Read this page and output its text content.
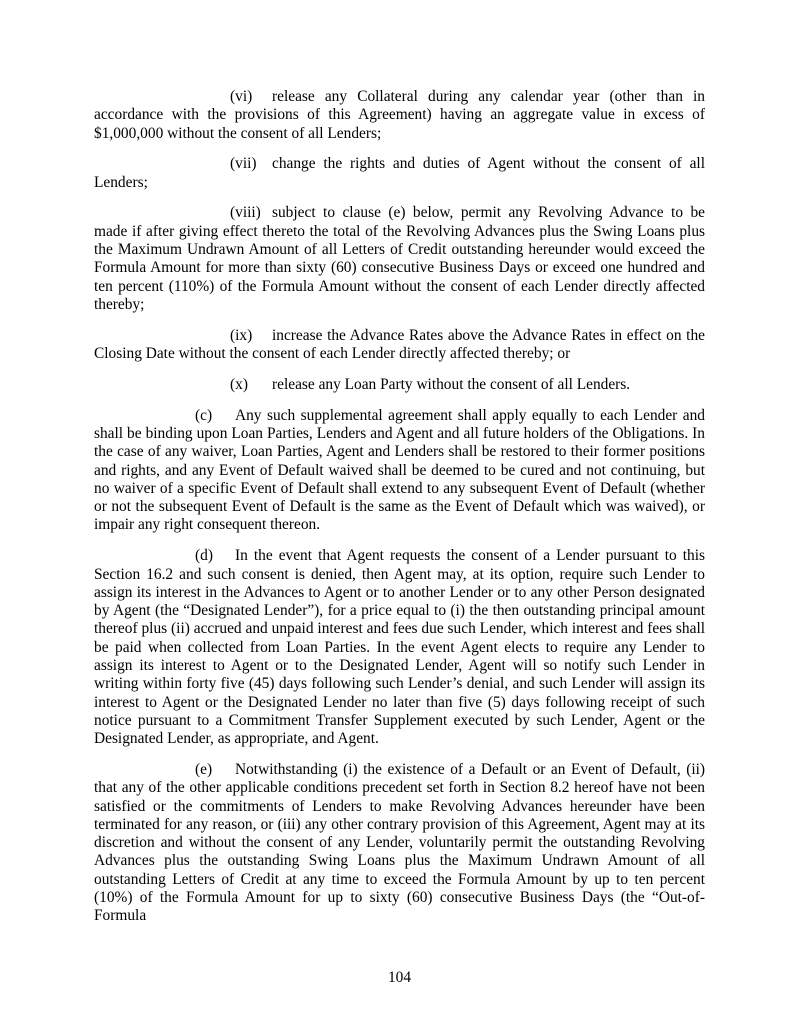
(vi) release any Collateral during any calendar year (other than in accordance with the provisions of this Agreement) having an aggregate value in excess of $1,000,000 without the consent of all Lenders;

(vii) change the rights and duties of Agent without the consent of all Lenders;

(viii) subject to clause (e) below, permit any Revolving Advance to be made if after giving effect thereto the total of the Revolving Advances plus the Swing Loans plus the Maximum Undrawn Amount of all Letters of Credit outstanding hereunder would exceed the Formula Amount for more than sixty (60) consecutive Business Days or exceed one hundred and ten percent (110%) of the Formula Amount without the consent of each Lender directly affected thereby;

(ix) increase the Advance Rates above the Advance Rates in effect on the Closing Date without the consent of each Lender directly affected thereby; or

(x) release any Loan Party without the consent of all Lenders.

(c) Any such supplemental agreement shall apply equally to each Lender and shall be binding upon Loan Parties, Lenders and Agent and all future holders of the Obligations. In the case of any waiver, Loan Parties, Agent and Lenders shall be restored to their former positions and rights, and any Event of Default waived shall be deemed to be cured and not continuing, but no waiver of a specific Event of Default shall extend to any subsequent Event of Default (whether or not the subsequent Event of Default is the same as the Event of Default which was waived), or impair any right consequent thereon.

(d) In the event that Agent requests the consent of a Lender pursuant to this Section 16.2 and such consent is denied, then Agent may, at its option, require such Lender to assign its interest in the Advances to Agent or to another Lender or to any other Person designated by Agent (the “Designated Lender”), for a price equal to (i) the then outstanding principal amount thereof plus (ii) accrued and unpaid interest and fees due such Lender, which interest and fees shall be paid when collected from Loan Parties. In the event Agent elects to require any Lender to assign its interest to Agent or to the Designated Lender, Agent will so notify such Lender in writing within forty five (45) days following such Lender’s denial, and such Lender will assign its interest to Agent or the Designated Lender no later than five (5) days following receipt of such notice pursuant to a Commitment Transfer Supplement executed by such Lender, Agent or the Designated Lender, as appropriate, and Agent.

(e) Notwithstanding (i) the existence of a Default or an Event of Default, (ii) that any of the other applicable conditions precedent set forth in Section 8.2 hereof have not been satisfied or the commitments of Lenders to make Revolving Advances hereunder have been terminated for any reason, or (iii) any other contrary provision of this Agreement, Agent may at its discretion and without the consent of any Lender, voluntarily permit the outstanding Revolving Advances plus the outstanding Swing Loans plus the Maximum Undrawn Amount of all outstanding Letters of Credit at any time to exceed the Formula Amount by up to ten percent (10%) of the Formula Amount for up to sixty (60) consecutive Business Days (the “Out-of-Formula

104
